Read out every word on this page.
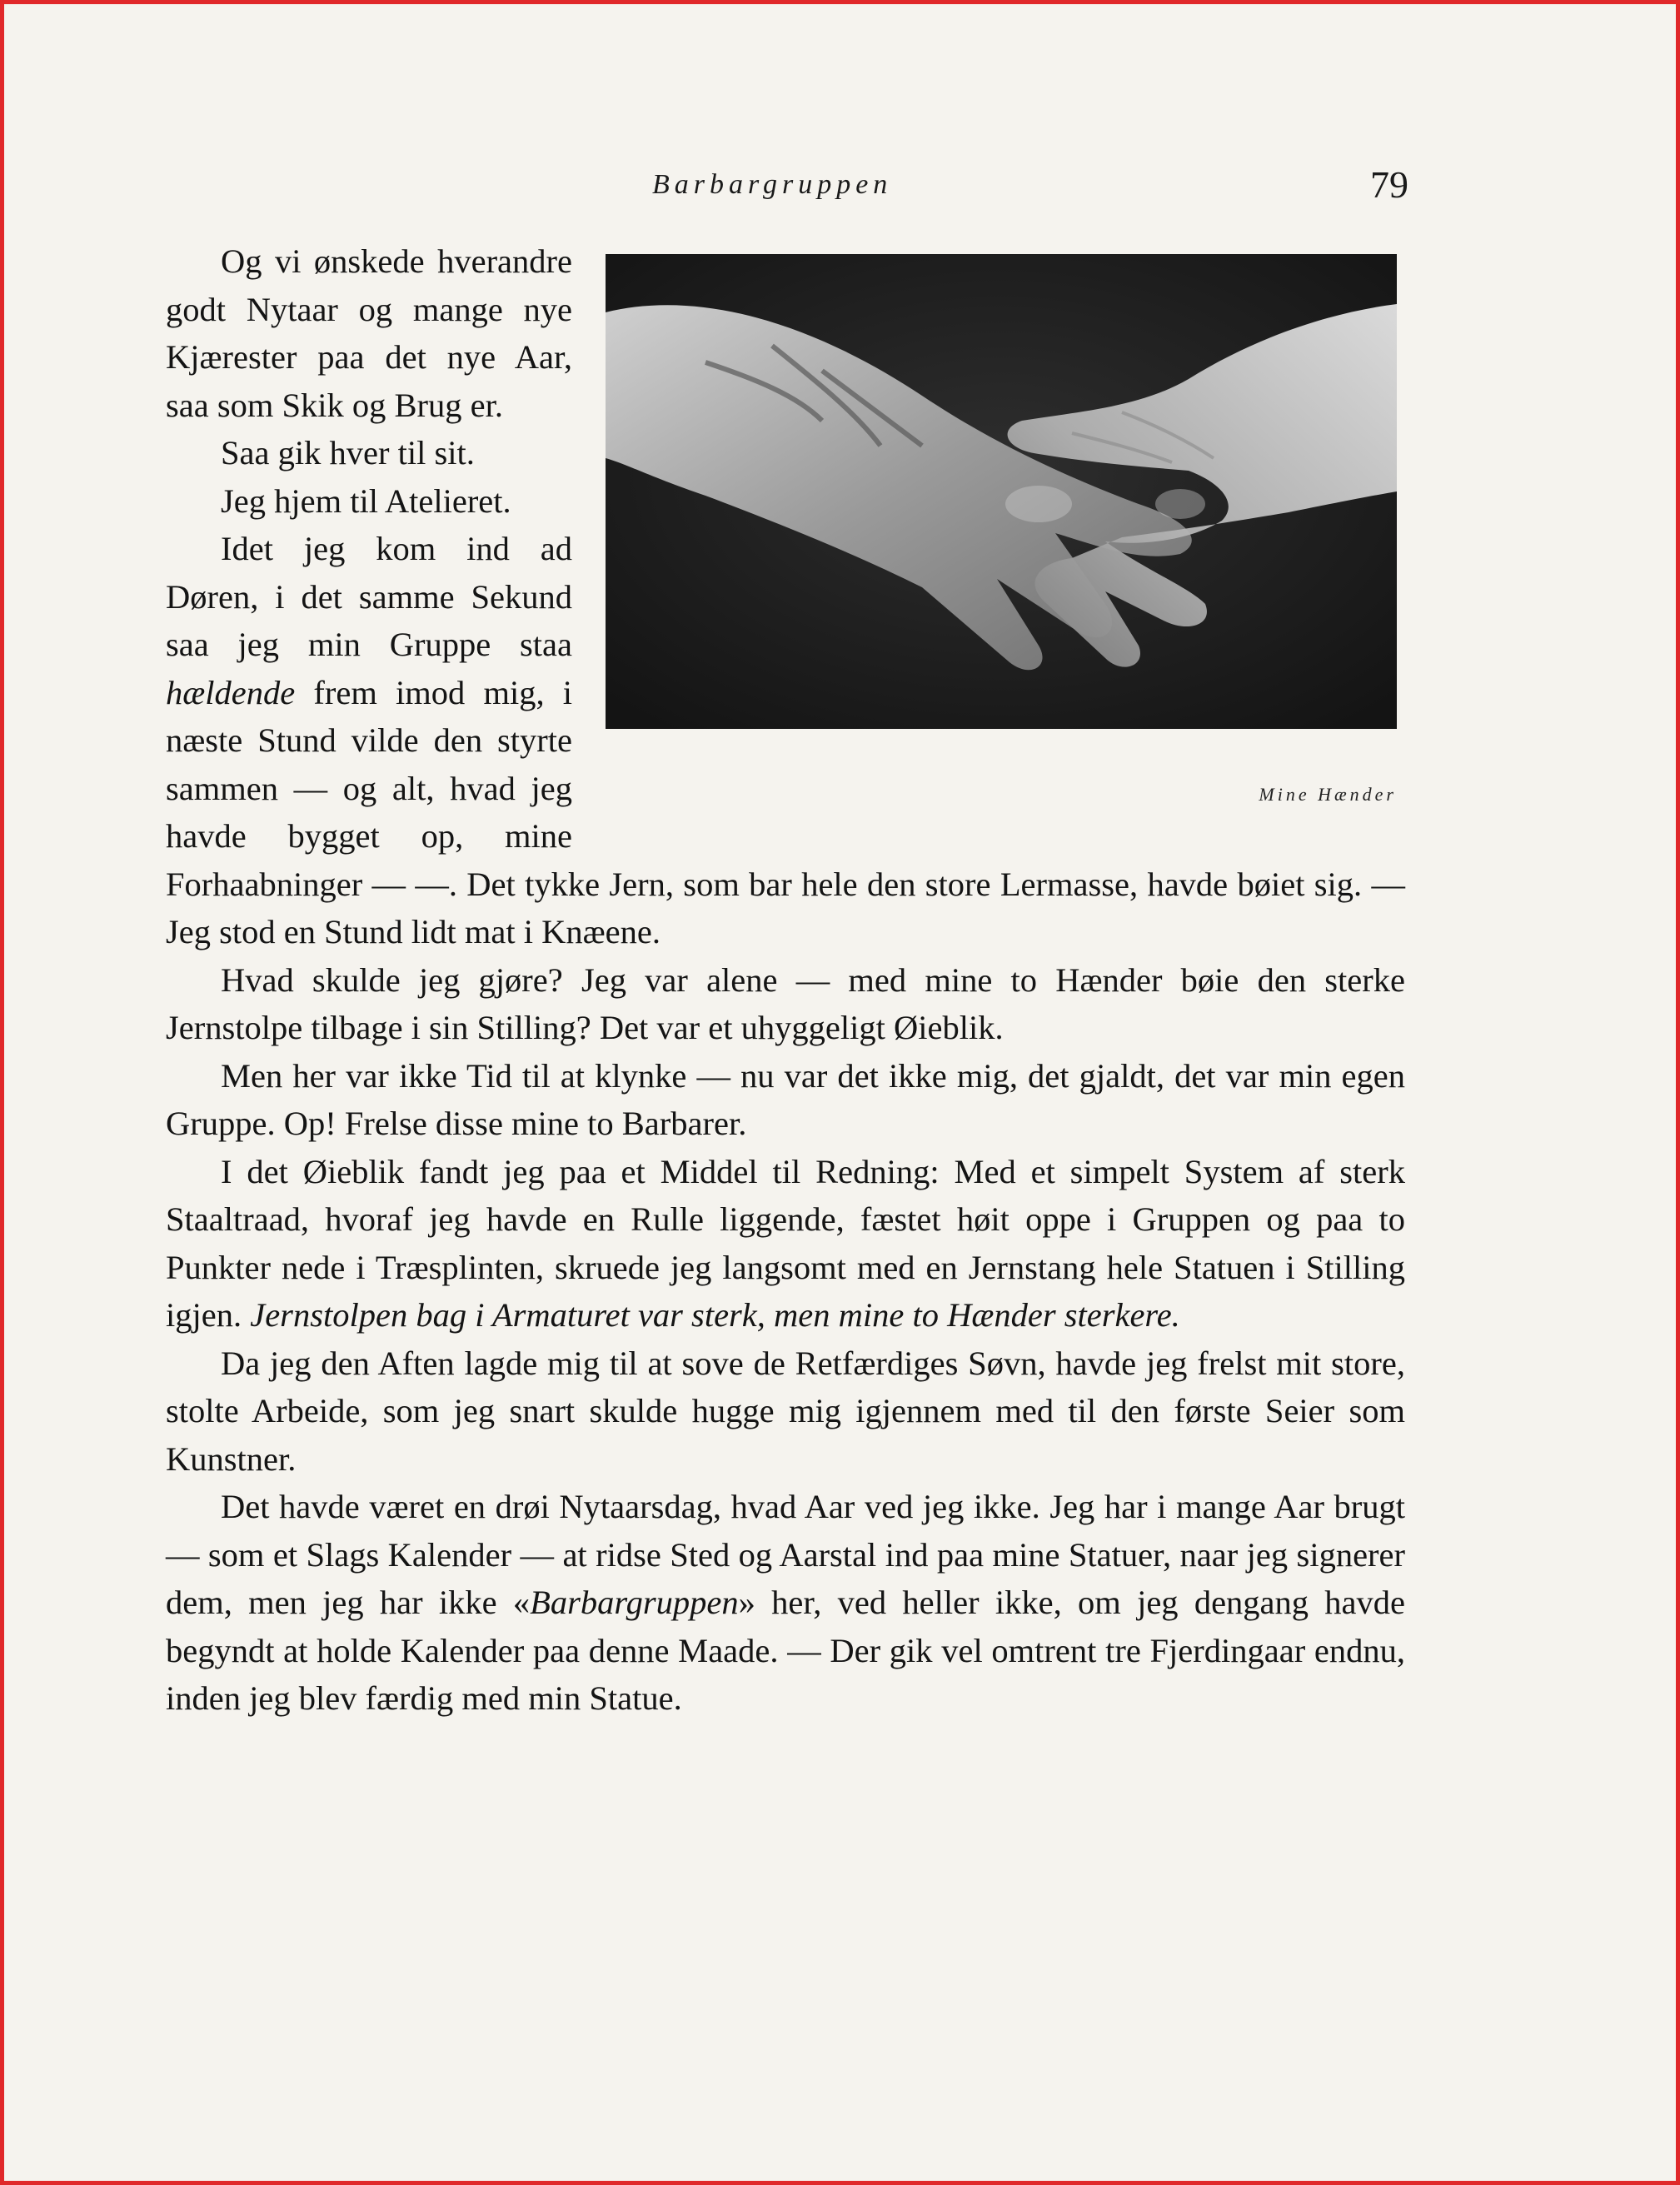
Barbargruppen	79
Mine Hænder

Og vi ønskede hverandre godt Nytaar og mange nye Kjærester paa det nye Aar, saa som Skik og Brug er.

Saa gik hver til sit.

Jeg hjem til Atelieret.

Idet jeg kom ind ad Døren, i det samme Sekund saa jeg min Gruppe staa hældende frem imod mig, i næste Stund vilde den styrte sammen — og alt, hvad jeg havde bygget op, mine Forhaabninger — —. Det tykke Jern, som bar hele den store Lermasse, havde bøiet sig. — Jeg stod en Stund lidt mat i Knæene.

Hvad skulde jeg gjøre? Jeg var alene — med mine to Hænder bøie den sterke Jernstolpe tilbage i sin Stilling? Det var et uhyggeligt Øieblik.

Men her var ikke Tid til at klynke — nu var det ikke mig, det gjaldt, det var min egen Gruppe. Op! Frelse disse mine to Barbarer.

I det Øieblik fandt jeg paa et Middel til Redning: Med et simpelt System af sterk Staaltraad, hvoraf jeg havde en Rulle liggende, fæstet høit oppe i Gruppen og paa to Punkter nede i Træsplinten, skruede jeg langsomt med en Jernstang hele Statuen i Stilling igjen. Jernstolpen bag i Armaturet var sterk, men mine to Hænder sterkere.

Da jeg den Aften lagde mig til at sove de Retfærdiges Søvn, havde jeg frelst mit store, stolte Arbeide, som jeg snart skulde hugge mig igjennem med til den første Seier som Kunstner.

Det havde været en drøi Nytaarsdag, hvad Aar ved jeg ikke. Jeg har i mange Aar brugt — som et Slags Kalender — at ridse Sted og Aarstal ind paa mine Statuer, naar jeg signerer dem, men jeg har ikke «Barbargruppen» her, ved heller ikke, om jeg dengang havde begyndt at holde Kalender paa denne Maade. — Der gik vel omtrent tre Fjerdingaar endnu, inden jeg blev færdig med min Statue.
